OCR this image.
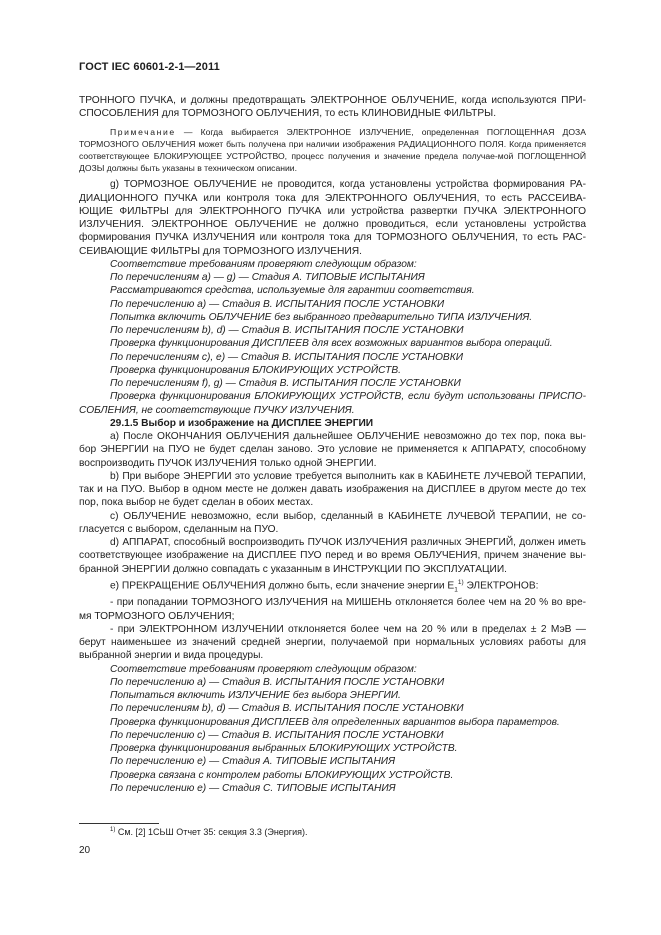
ГОСТ IEC 60601-2-1—2011

ТРОННОГО ПУЧКА, и должны предотвращать ЭЛЕКТРОННОЕ ОБЛУЧЕНИЕ, когда используются ПРИ-СПОСОБЛЕНИЯ для ТОРМОЗНОГО ОБЛУЧЕНИЯ, то есть КЛИНОВИДНЫЕ ФИЛЬТРЫ.

Примечание — Когда выбирается ЭЛЕКТРОННОЕ ИЗЛУЧЕНИЕ, определенная ПОГЛОЩЕННАЯ ДОЗА ТОРМОЗНОГО ОБЛУЧЕНИЯ может быть получена при наличии изображения РАДИАЦИОННОГО ПОЛЯ. Когда применяется соответствующее БЛОКИРУЮЩЕЕ УСТРОЙСТВО, процесс получения и значение предела получае-мой ПОГЛОЩЕННОЙ ДОЗЫ должны быть указаны в техническом описании.

g) ТОРМОЗНОЕ ОБЛУЧЕНИЕ не проводится, когда установлены устройства формирования РА-ДИАЦИОННОГО ПУЧКА или контроля тока для ЭЛЕКТРОННОГО ОБЛУЧЕНИЯ, то есть РАССЕИВА-ЮЩИЕ ФИЛЬТРЫ для ЭЛЕКТРОННОГО ПУЧКА или устройства развертки ПУЧКА ЭЛЕКТРОННОГО ИЗЛУЧЕНИЯ. ЭЛЕКТРОННОЕ ОБЛУЧЕНИЕ не должно проводиться, если установлены устройства формирования ПУЧКА ИЗЛУЧЕНИЯ или контроля тока для ТОРМОЗНОГО ОБЛУЧЕНИЯ, то есть РАС-СЕИВАЮЩИЕ ФИЛЬТРЫ для ТОРМОЗНОГО ИЗЛУЧЕНИЯ.

Соответствие требованиям проверяют следующим образом:

По перечислениям а) — g) — Стадия А. ТИПОВЫЕ ИСПЫТАНИЯ

Рассматриваются средства, используемые для гарантии соответствия.

По перечислению а) — Стадия В. ИСПЫТАНИЯ ПОСЛЕ УСТАНОВКИ

Попытка включить ОБЛУЧЕНИЕ без выбранного предварительно ТИПА ИЗЛУЧЕНИЯ.

По перечислениям b), d) — Стадия В. ИСПЫТАНИЯ ПОСЛЕ УСТАНОВКИ

Проверка функционирования ДИСПЛЕЕВ для всех возможных вариантов выбора операций.

По перечислениям с), е) — Стадия В. ИСПЫТАНИЯ ПОСЛЕ УСТАНОВКИ

Проверка функционирования БЛОКИРУЮЩИХ УСТРОЙСТВ.

По перечислениям f), g) — Стадия В. ИСПЫТАНИЯ ПОСЛЕ УСТАНОВКИ

Проверка функционирования БЛОКИРУЮЩИХ УСТРОЙСТВ, если будут использованы ПРИСПО-СОБЛЕНИЯ, не соответствующие ПУЧКУ ИЗЛУЧЕНИЯ.

29.1.5 Выбор и изображение на ДИСПЛЕЕ ЭНЕРГИИ

а) После ОКОНЧАНИЯ ОБЛУЧЕНИЯ дальнейшее ОБЛУЧЕНИЕ невозможно до тех пор, пока вы-бор ЭНЕРГИИ на ПУО не будет сделан заново. Это условие не применяется к АППАРАТУ, способному воспроизводить ПУЧОК ИЗЛУЧЕНИЯ только одной ЭНЕРГИИ.

b) При выборе ЭНЕРГИИ это условие требуется выполнить как в КАБИНЕТЕ ЛУЧЕВОЙ ТЕРАПИИ, так и на ПУО. Выбор в одном месте не должен давать изображения на ДИСПЛЕЕ в другом месте до тех пор, пока выбор не будет сделан в обоих местах.

с) ОБЛУЧЕНИЕ невозможно, если выбор, сделанный в КАБИНЕТЕ ЛУЧЕВОЙ ТЕРАПИИ, не со-гласуется с выбором, сделанным на ПУО.

d) АППАРАТ, способный воспроизводить ПУЧОК ИЗЛУЧЕНИЯ различных ЭНЕРГИЙ, должен иметь соответствующее изображение на ДИСПЛЕЕ ПУО перед и во время ОБЛУЧЕНИЯ, причем значение вы-бранной ЭНЕРГИИ должно совпадать с указанным в ИНСТРУКЦИИ ПО ЭКСПЛУАТАЦИИ.

е) ПРЕКРАЩЕНИЕ ОБЛУЧЕНИЯ должно быть, если значение энергии $Е_1^{1)}$ ЭЛЕКТРОНОВ:

- при попадании ТОРМОЗНОГО ИЗЛУЧЕНИЯ на МИШЕНЬ отклоняется более чем на 20 % во вре-мя ТОРМОЗНОГО ОБЛУЧЕНИЯ;

- при ЭЛЕКТРОННОМ ИЗЛУЧЕНИИ отклоняется более чем на 20 % или в пределах ± 2 МэВ — берут наименьшее из значений средней энергии, получаемой при нормальных условиях работы для выбранной энергии и вида процедуры.

Соответствие требованиям проверяют следующим образом:

По перечислению а) — Стадия В. ИСПЫТАНИЯ ПОСЛЕ УСТАНОВКИ

Попытаться включить ИЗЛУЧЕНИЕ без выбора ЭНЕРГИИ.

По перечислениям b), d) — Стадия В. ИСПЫТАНИЯ ПОСЛЕ УСТАНОВКИ

Проверка функционирования ДИСПЛЕЕВ для определенных вариантов выбора параметров.

По перечислению с) — Стадия В. ИСПЫТАНИЯ ПОСЛЕ УСТАНОВКИ

Проверка функционирования выбранных БЛОКИРУЮЩИХ УСТРОЙСТВ.

По перечислению е) — Стадия А. ТИПОВЫЕ ИСПЫТАНИЯ

Проверка связана с контролем работы БЛОКИРУЮЩИХ УСТРОЙСТВ.

По перечислению е) — Стадия С. ТИПОВЫЕ ИСПЫТАНИЯ

$^{1)}$ См. [2] 1СЬШ Отчет 35: секция 3.3 (Энергия).
20
